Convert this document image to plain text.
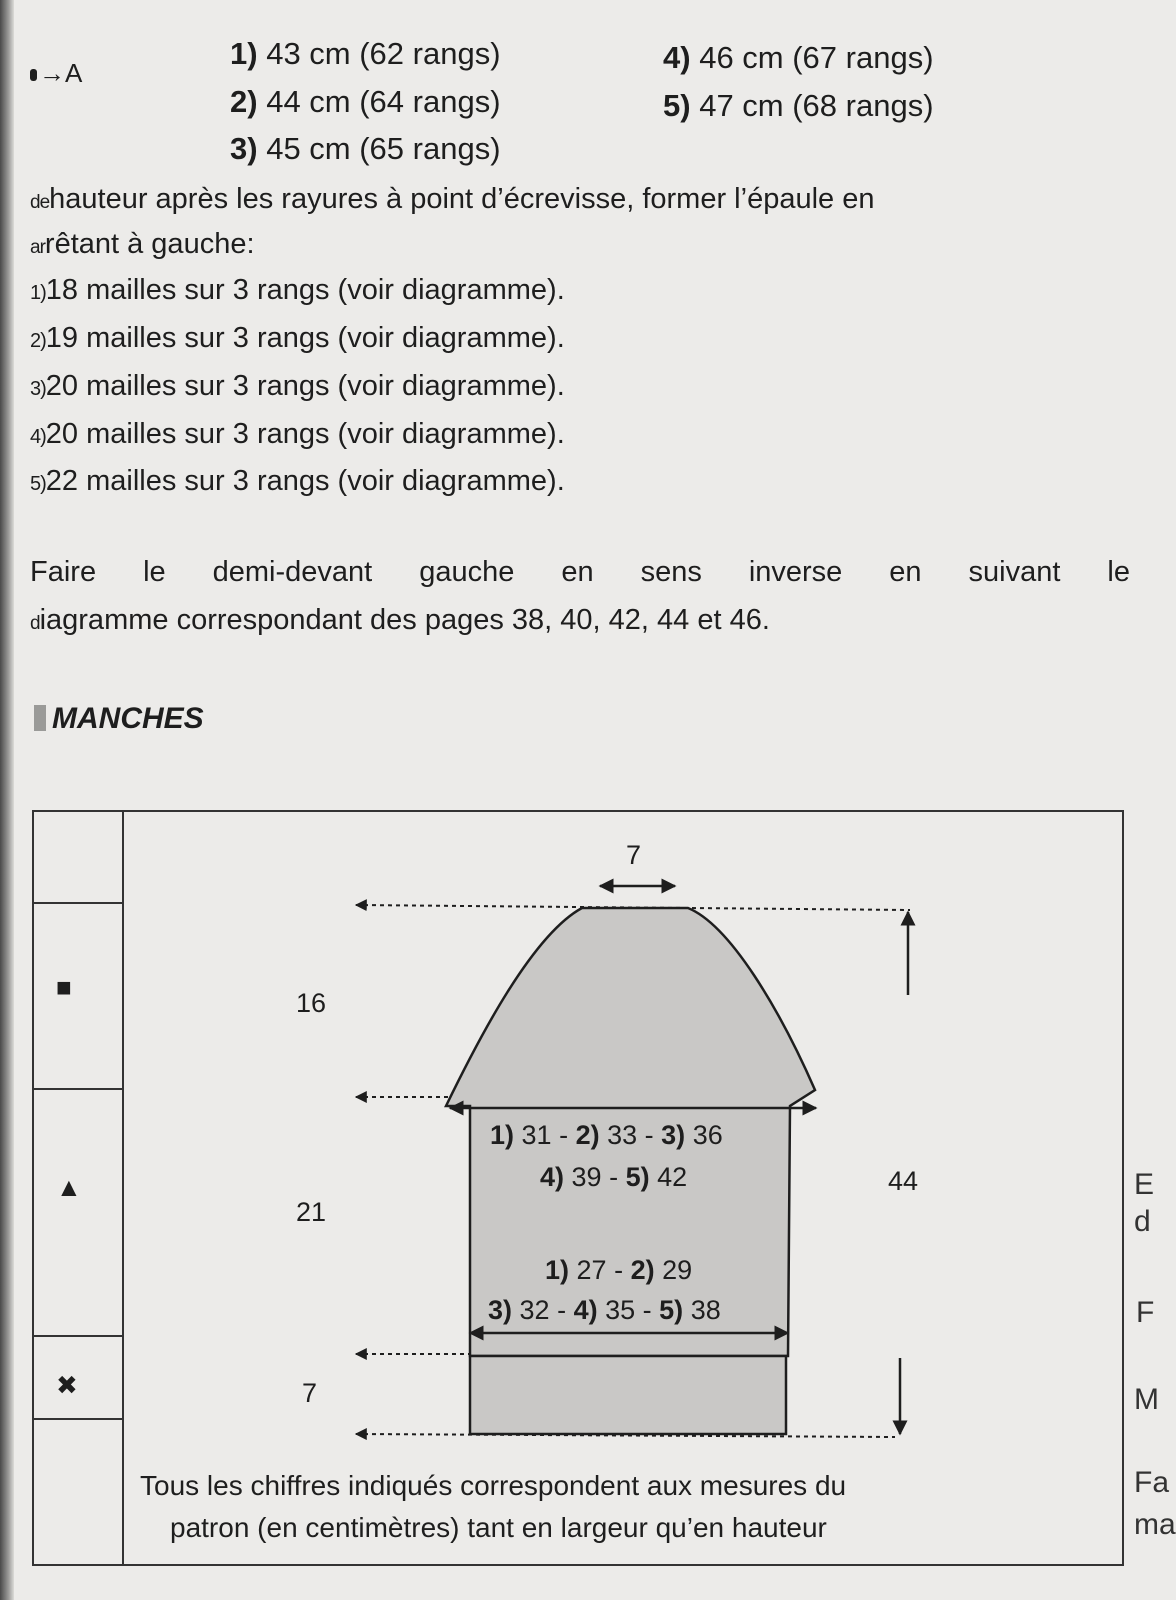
→A
1) 43 cm (62 rangs)
2) 44 cm (64 rangs)
3) 45 cm (65 rangs)
4) 46 cm (67 rangs)
5) 47 cm (68 rangs)
dehauteur après les rayures à point d’écrevisse, former l’épaule en
arrêtant à gauche:
1)18 mailles sur 3 rangs (voir diagramme).
2)19 mailles sur 3 rangs (voir diagramme).
3)20 mailles sur 3 rangs (voir diagramme).
4)20 mailles sur 3 rangs (voir diagramme).
5)22 mailles sur 3 rangs (voir diagramme).
Faire le demi-devant gauche en sens inverse en suivant le
diagramme correspondant des pages 38, 40, 42, 44 et 46.
MANCHES
■
▲
✖
7
16
21
7
44
1) 31 - 2) 33 - 3) 36
4) 39 - 5) 42
1) 27 - 2) 29
3) 32 - 4) 35 - 5) 38
Tous les chiffres indiqués correspondent aux mesures du
patron (en centimètres) tant en largeur qu’en hauteur
E
d
F
M
Fa
ma
